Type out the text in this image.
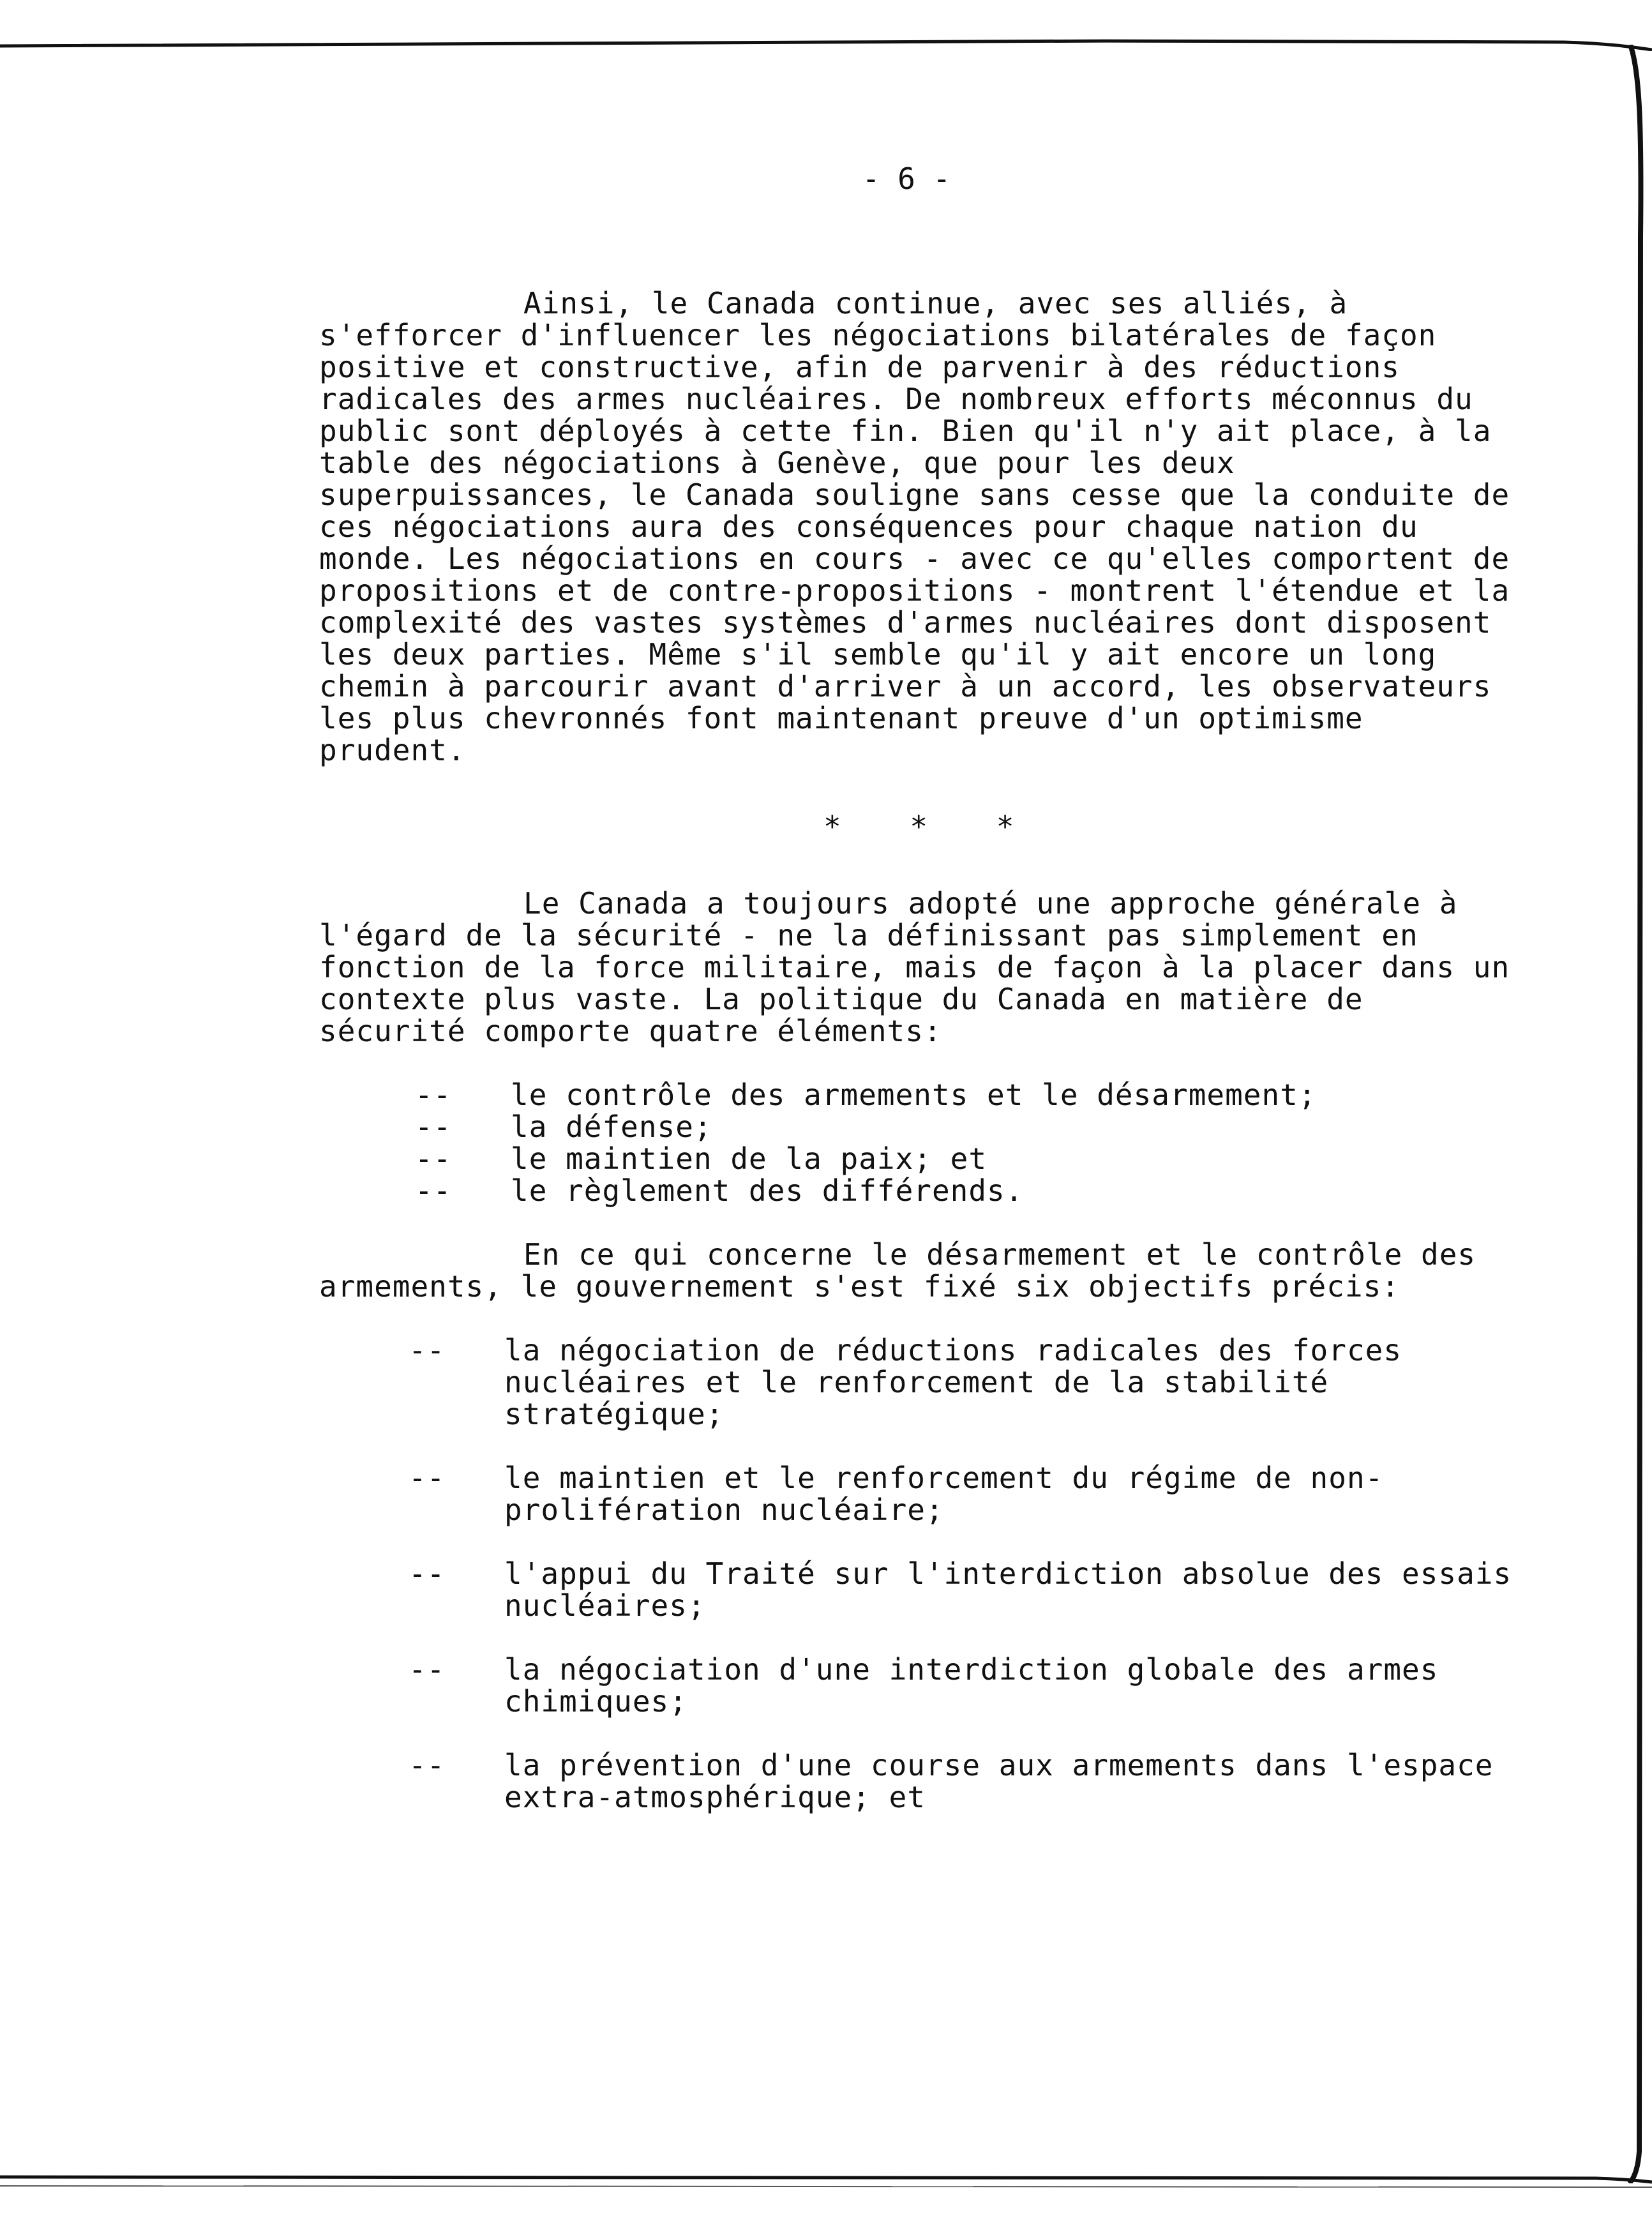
- 6 -

Ainsi, le Canada continue, avec ses alliés, à s'efforcer d'influencer les négociations bilatérales de façon positive et constructive, afin de parvenir à des réductions radicales des armes nucléaires. De nombreux efforts méconnus du public sont déployés à cette fin. Bien qu'il n'y ait place, à la table des négociations à Genève, que pour les deux superpuissances, le Canada souligne sans cesse que la conduite de ces négociations aura des conséquences pour chaque nation du monde. Les négociations en cours - avec ce qu'elles comportent de propositions et de contre-propositions - montrent l'étendue et la complexité des vastes systèmes d'armes nucléaires dont disposent les deux parties. Même s'il semble qu'il y ait encore un long chemin à parcourir avant d'arriver à un accord, les observateurs les plus chevronnés font maintenant preuve d'un optimisme prudent.

* * *

Le Canada a toujours adopté une approche générale à l'égard de la sécurité - ne la définissant pas simplement en fonction de la force militaire, mais de façon à la placer dans un contexte plus vaste. La politique du Canada en matière de sécurité comporte quatre éléments:

--	le contrôle des armements et le désarmement;
--	la défense;
--	le maintien de la paix; et
--	le règlement des différends.

En ce qui concerne le désarmement et le contrôle des armements, le gouvernement s'est fixé six objectifs précis:

--	la négociation de réductions radicales des forces nucléaires et le renforcement de la stabilité stratégique;
--	le maintien et le renforcement du régime de non-prolifération nucléaire;
--	l'appui du Traité sur l'interdiction absolue des essais nucléaires;
--	la négociation d'une interdiction globale des armes chimiques;
--	la prévention d'une course aux armements dans l'espace extra-atmosphérique; et
